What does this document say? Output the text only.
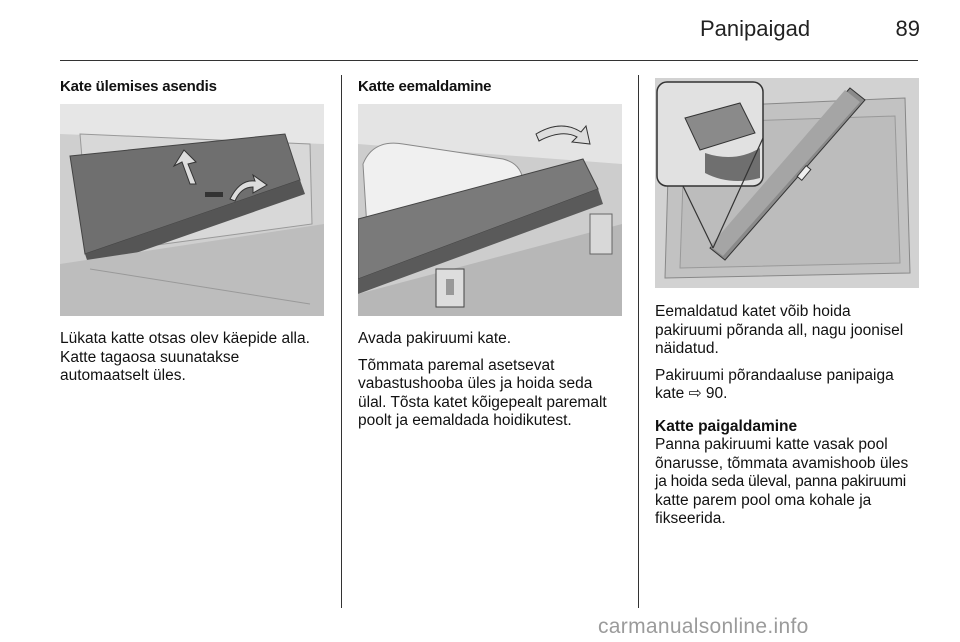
Panipaigad	89
Kate ülemises asendis
Lükata katte otsas olev käepide alla.
Katte tagaosa suunatakse
automaatselt üles.
Katte eemaldamine

Avada pakiruumi kate.

Tõmmata paremal asetsevat
vabastushooba üles ja hoida seda
ülal. Tõsta katet kõigepealt paremalt
poolt ja eemaldada hoidikutest.

Eemaldatud katet võib hoida
pakiruumi põranda all, nagu joonisel
näidatud.

Pakiruumi põrandaaluse panipaiga
kate ⇨ 90.

Katte paigaldamine
Panna pakiruumi katte vasak pool
õnarusse, tõmmata avamishoob üles
ja hoida seda üleval, panna pakiruumi
katte parem pool oma kohale ja
fikseerida.
carmanualsonline.info
